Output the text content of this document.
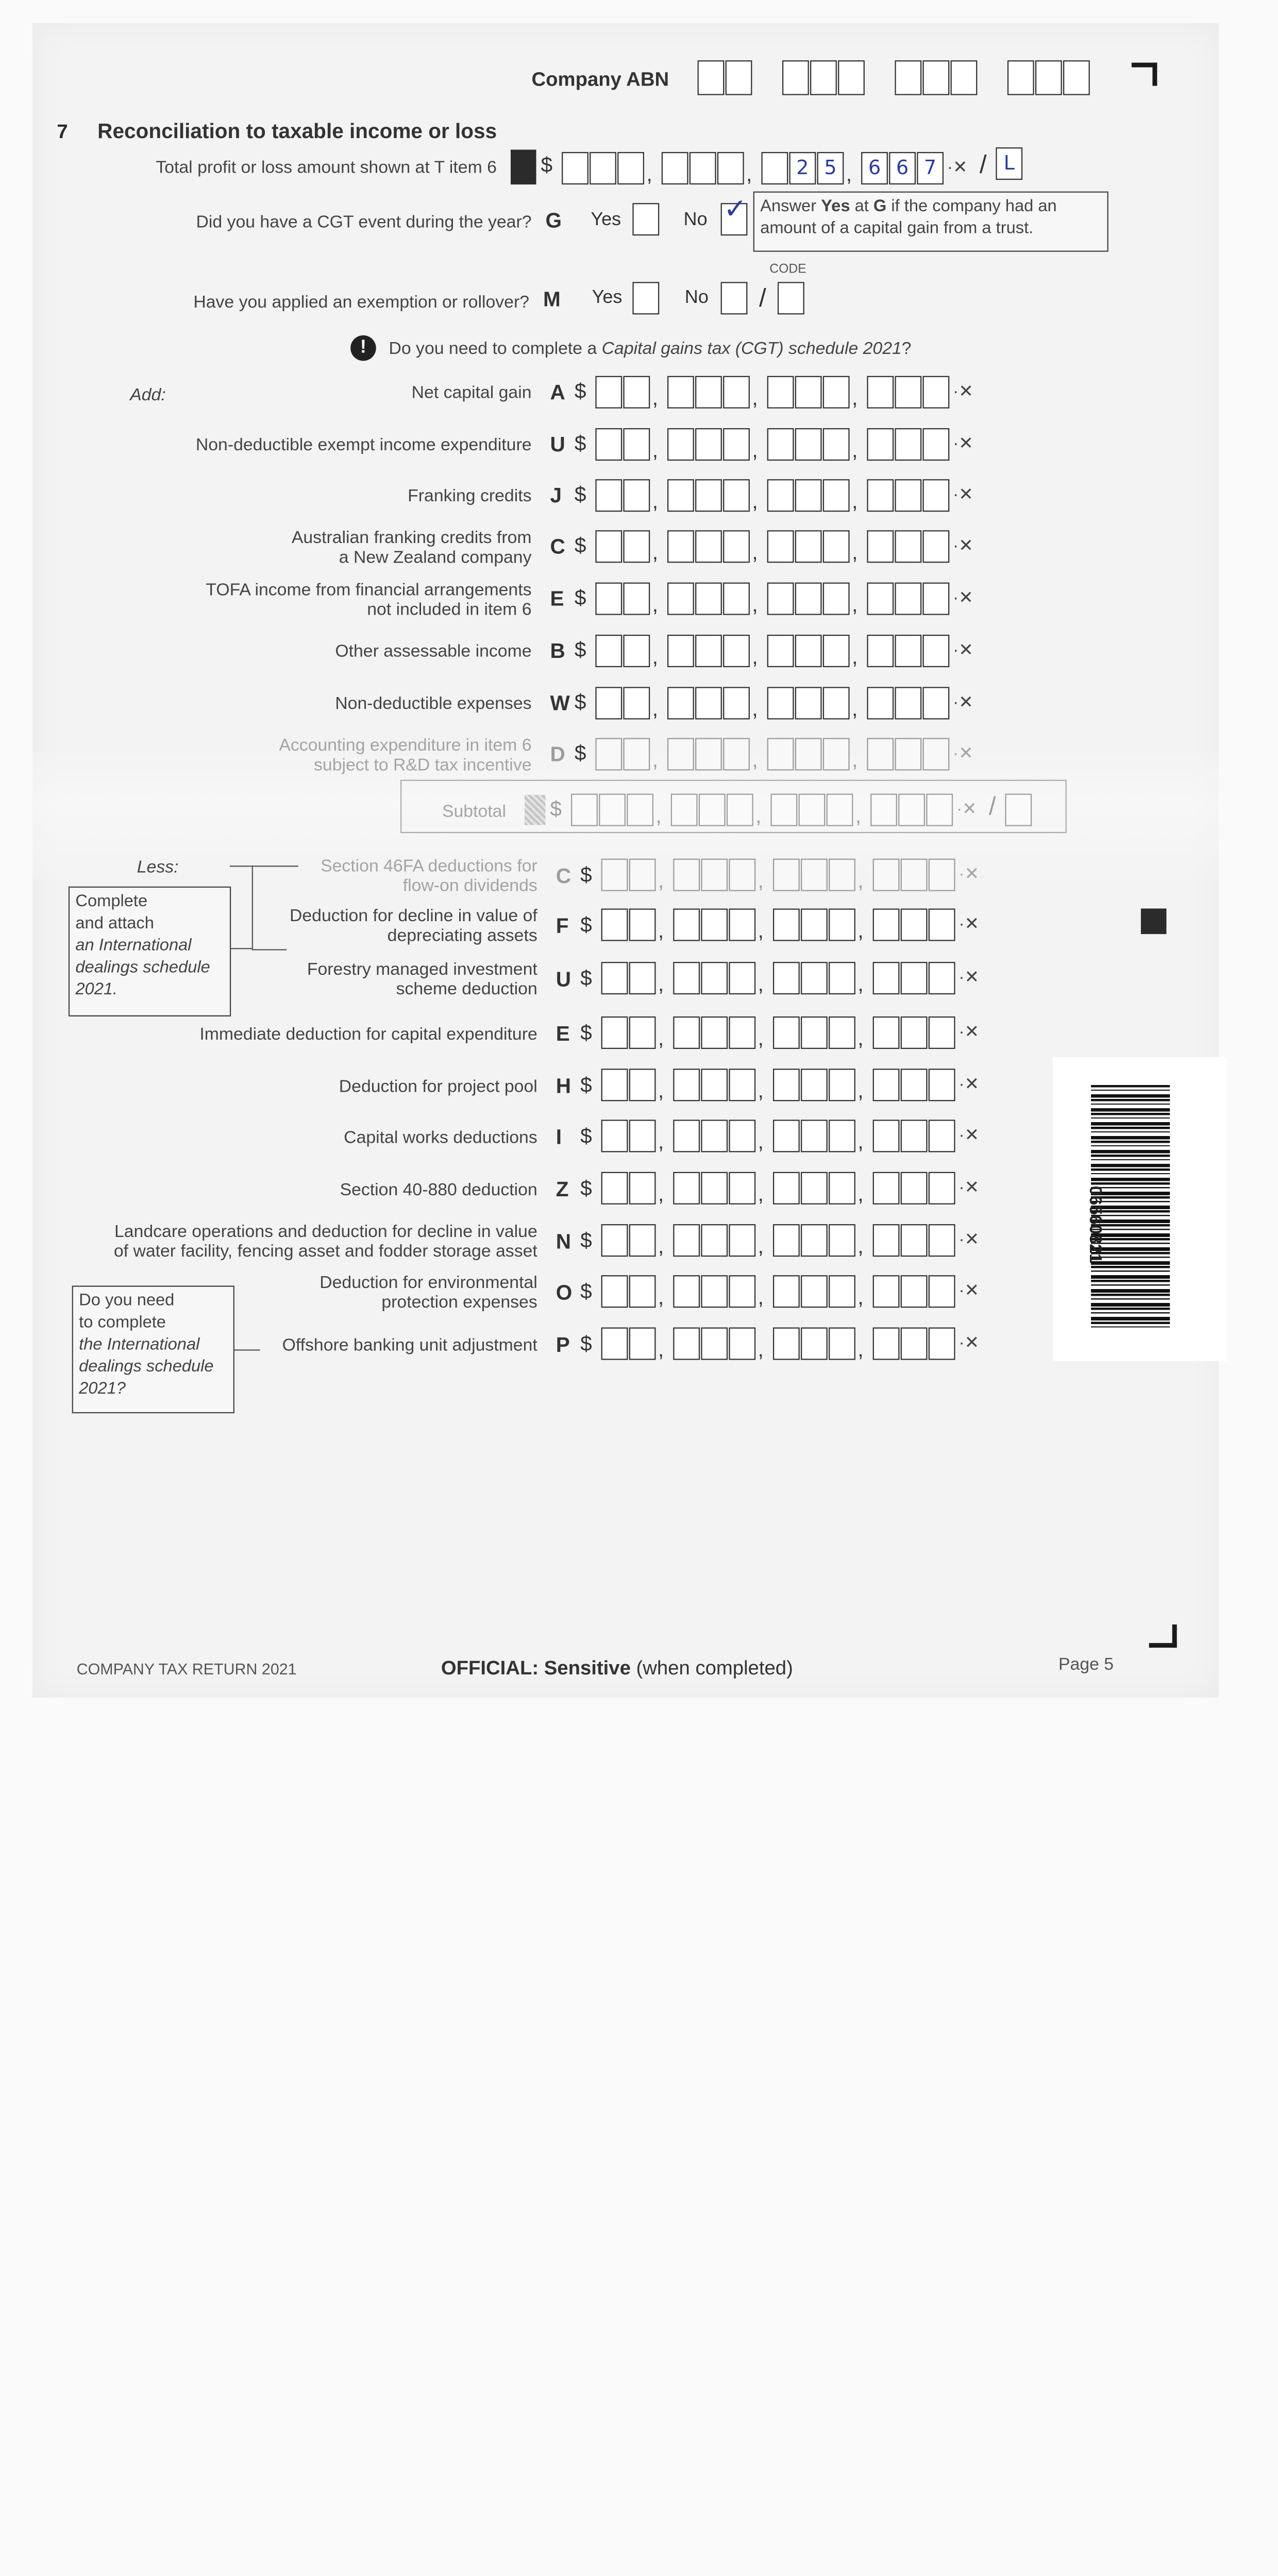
Company ABN
7	Reconciliation to taxable income or loss
Total profit or loss amount shown at T item 6	$	,	,	2	5	,	6	6	7	·✕ /	L
Did you have a CGT event during the year? G	Yes	No ✓	Answer Yes at G if the company had an amount of a capital gain from a trust.
CODE
Have you applied an exemption or rollover? M	Yes	No	/
!	Do you need to complete a Capital gains tax (CGT) schedule 2021?
Add:
Less:
Net capital gain A $	,	,	,	·✕
Non-deductible exempt income expenditure U $	,	,	,	·✕
Franking credits J $	,	,	,	·✕
Australian franking credits from
a New Zealand company C $	,	,	,	·✕
TOFA income from financial arrangements
not included in item 6 E $	,	,	,	·✕
Other assessable income B $	,	,	,	·✕
Non-deductible expenses W $	,	,	,	·✕
Accounting expenditure in item 6
subject to R&D tax incentive D $	,	,	,	·✕
Subtotal	$	,	,	,	·✕ /
Section 46FA deductions for
flow-on dividends C $	,	,	,	·✕
Deduction for decline in value of
depreciating assets F $	,	,	,	·✕
Forestry managed investment
scheme deduction U $	,	,	,	·✕
Immediate deduction for capital expenditure E $	,	,	,	·✕
Deduction for project pool H $	,	,	,	·✕
Capital works deductions I $	,	,	,	·✕
Section 40-880 deduction Z $	,	,	,	·✕
Landcare operations and deduction for decline in value
of water facility, fencing asset and fodder storage asset N $	,	,	,	·✕
Deduction for environmental
protection expenses O $	,	,	,	·✕
Offshore banking unit adjustment P $	,	,	,	·✕
Complete
and attach
an International
dealings schedule
2021.
Do you need
to complete
the International
dealings schedule
2021?
06560821
COMPANY TAX RETURN 2021	OFFICIAL: Sensitive (when completed)	Page 5
